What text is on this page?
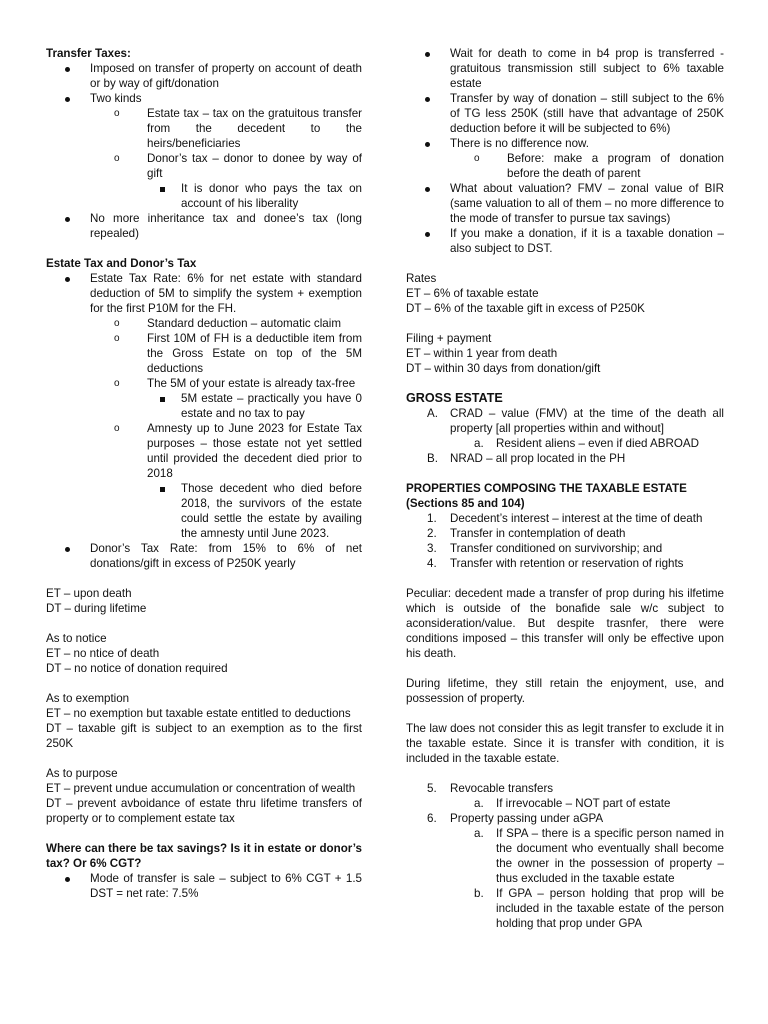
Transfer Taxes:

Imposed on transfer of property on account of death or by way of gift/donation
Two kinds
o Estate tax – tax on the gratuitous transfer from the decedent to the heirs/beneficiaries
o Donor’s tax – donor to donee by way of gift
It is donor who pays the tax on account of his liberality
No more inheritance tax and donee’s tax (long repealed)

Estate Tax and Donor’s Tax

Estate Tax Rate: 6% for net estate with standard deduction of 5M to simplify the system + exemption for the first P10M for the FH.
o Standard deduction – automatic claim
o First 10M of FH is a deductible item from the Gross Estate on top of the 5M deductions
o The 5M of your estate is already tax-free
5M estate – practically you have 0 estate and no tax to pay
o Amnesty up to June 2023 for Estate Tax purposes – those estate not yet settled until provided the decedent died prior to 2018
Those decedent who died before 2018, the survivors of the estate could settle the estate by availing the amnesty until June 2023.
Donor’s Tax Rate: from 15% to 6% of net donations/gift in excess of P250K yearly

ET – upon death

DT – during lifetime

As to notice

ET – no ntice of death

DT – no notice of donation required

As to exemption

ET – no exemption but taxable estate entitled to deductions

DT – taxable gift is subject to an exemption as to the first 250K

As to purpose

ET – prevent undue accumulation or concentration of wealth

DT – prevent avboidance of estate thru lifetime transfers of property or to complement estate tax

Where can there be tax savings? Is it in estate or donor’s tax? Or 6% CGT?

Mode of transfer is sale – subject to 6% CGT + 1.5 DST = net rate: 7.5%
Wait for death to come in b4 prop is transferred - gratuitous transmission still subject to 6% taxable estate
Transfer by way of donation – still subject to the 6% of TG less 250K (still have that advantage of 250K deduction before it will be subjected to 6%)
There is no difference now.
o Before: make a program of donation before the death of parent
What about valuation? FMV – zonal value of BIR (same valuation to all of them – no more difference to the mode of transfer to pursue tax savings)
If you make a donation, if it is a taxable donation – also subject to DST.

Rates

ET – 6% of taxable estate

DT – 6% of the taxable gift in excess of P250K

Filing + payment

ET – within 1 year from death

DT – within 30 days from donation/gift

GROSS ESTATE

A. CRAD – value (FMV) at the time of the death all property [all properties within and without]
a. Resident aliens – even if died ABROAD
B. NRAD – all prop located in the PH

PROPERTIES COMPOSING THE TAXABLE ESTATE

(Sections 85 and 104)

1. Decedent’s interest – interest at the time of death
2. Transfer in contemplation of death
3. Transfer conditioned on survivorship; and
4. Transfer with retention or reservation of rights

Peculiar: decedent made a transfer of prop during his ilfetime which is outside of the bonafide sale w/c subject to aconsideration/value. But despite trasnfer, there were conditions imposed – this transfer will only be effective upon his death.

During lifetime, they still retain the enjoyment, use, and possession of property.

The law does not consider this as legit transfer to exclude it in the taxable estate. Since it is transfer with condition, it is included in the taxable estate.

5. Revocable transfers
a. If irrevocable – NOT part of estate
6. Property passing under aGPA
a. If SPA – there is a specific person named in the document who eventually shall become the owner in the possession of property – thus excluded in the taxable estate
b. If GPA – person holding that prop will be included in the taxable estate of the person holding that prop under GPA
